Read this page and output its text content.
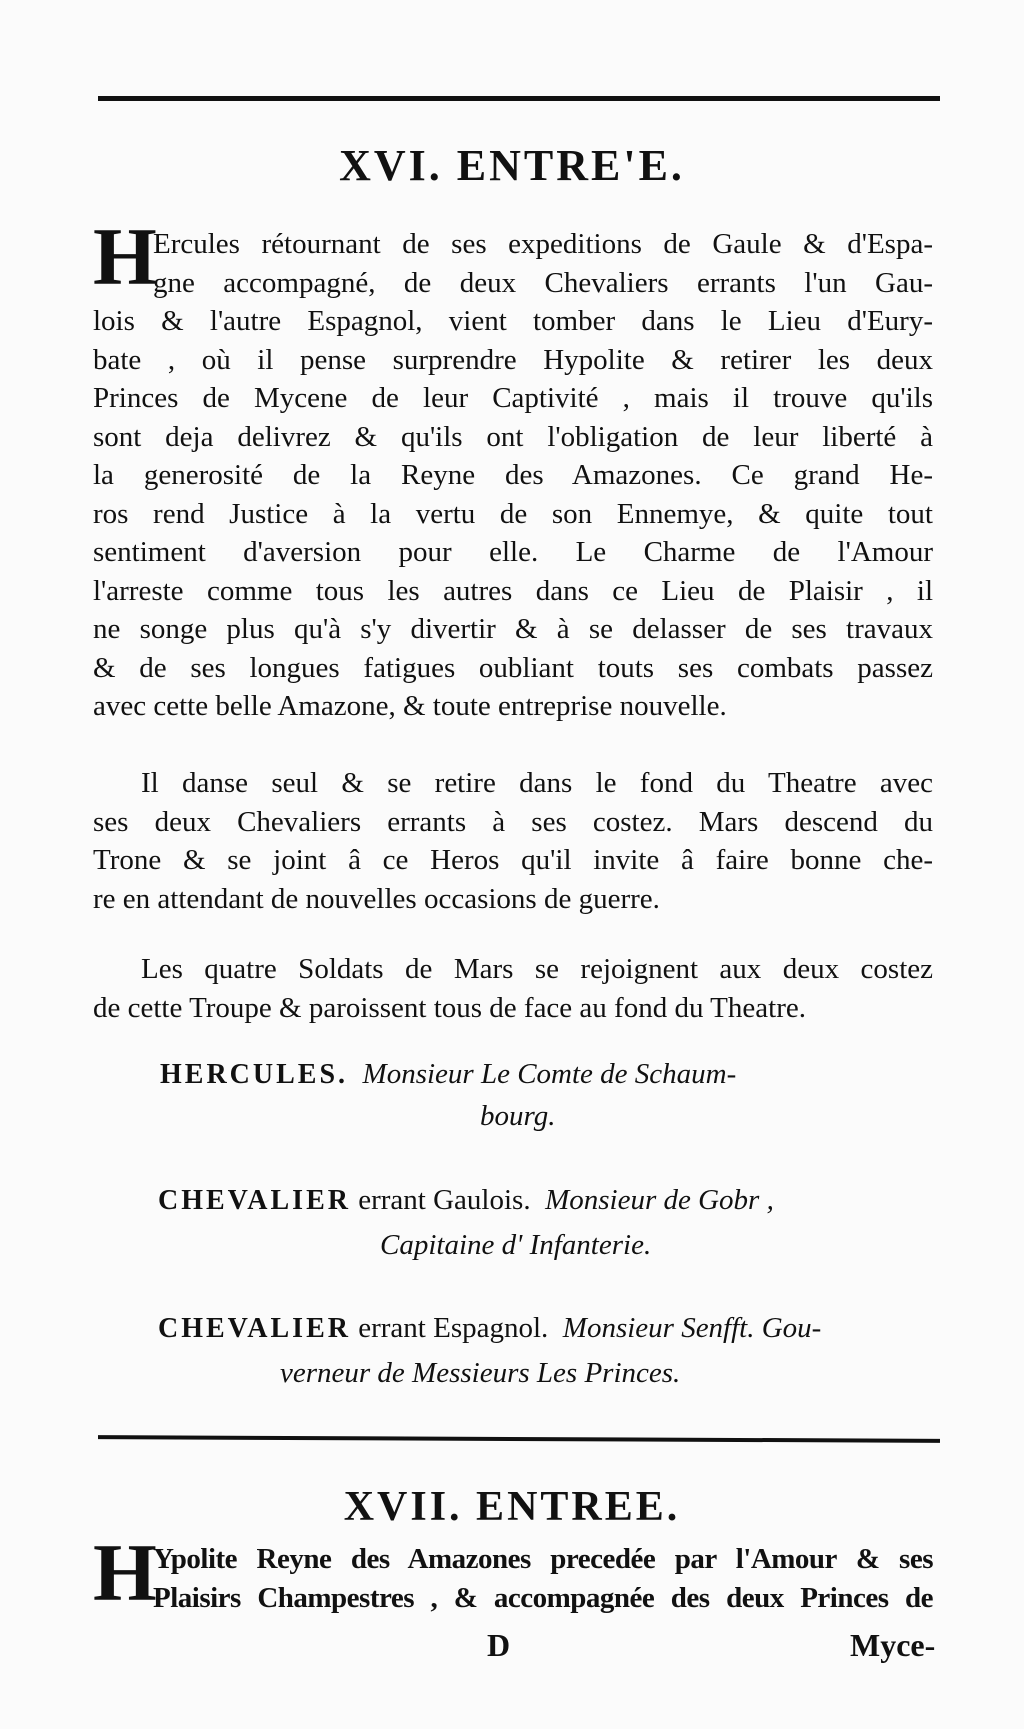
XVI. ENTRE'E.
H
Ercules rétournant de ses expeditions de Gaule & d'Espa-
gne accompagné, de deux Chevaliers errants l'un Gau-
lois & l'autre Espagnol, vient tomber dans le Lieu d'Eury-
bate , où il pense surprendre Hypolite & retirer les deux
Princes de Mycene de leur Captivité , mais il trouve qu'ils
sont deja delivrez & qu'ils ont l'obligation de leur liberté à
la generosité de la Reyne des Amazones. Ce grand He-
ros rend Justice à la vertu de son Ennemye, & quite tout
sentiment d'aversion pour elle. Le Charme de l'Amour
l'arreste comme tous les autres dans ce Lieu de Plaisir , il
ne songe plus qu'à s'y divertir & à se delasser de ses travaux
& de ses longues fatigues oubliant touts ses combats passez
avec cette belle Amazone, & toute entreprise nouvelle.
Il danse seul & se retire dans le fond du Theatre avec
ses deux Chevaliers errants à ses costez. Mars descend du
Trone & se joint â ce Heros qu'il invite â faire bonne che-
re en attendant de nouvelles occasions de guerre.
Les quatre Soldats de Mars se rejoignent aux deux costez
de cette Troupe & paroissent tous de face au fond du Theatre.
HERCULES. Monsieur Le Comte de Schaum-
bourg.
CHEVALIER errant Gaulois. Monsieur de Gobr ,
Capitaine d' Infanterie.
CHEVALIER errant Espagnol. Monsieur Senfft. Gou-
verneur de Messieurs Les Princes.
XVII. ENTREE.
H
Ypolite Reyne des Amazones precedée par l'Amour & ses
Plaisirs Champestres , & accompagnée des deux Princes de
D	Myce-
